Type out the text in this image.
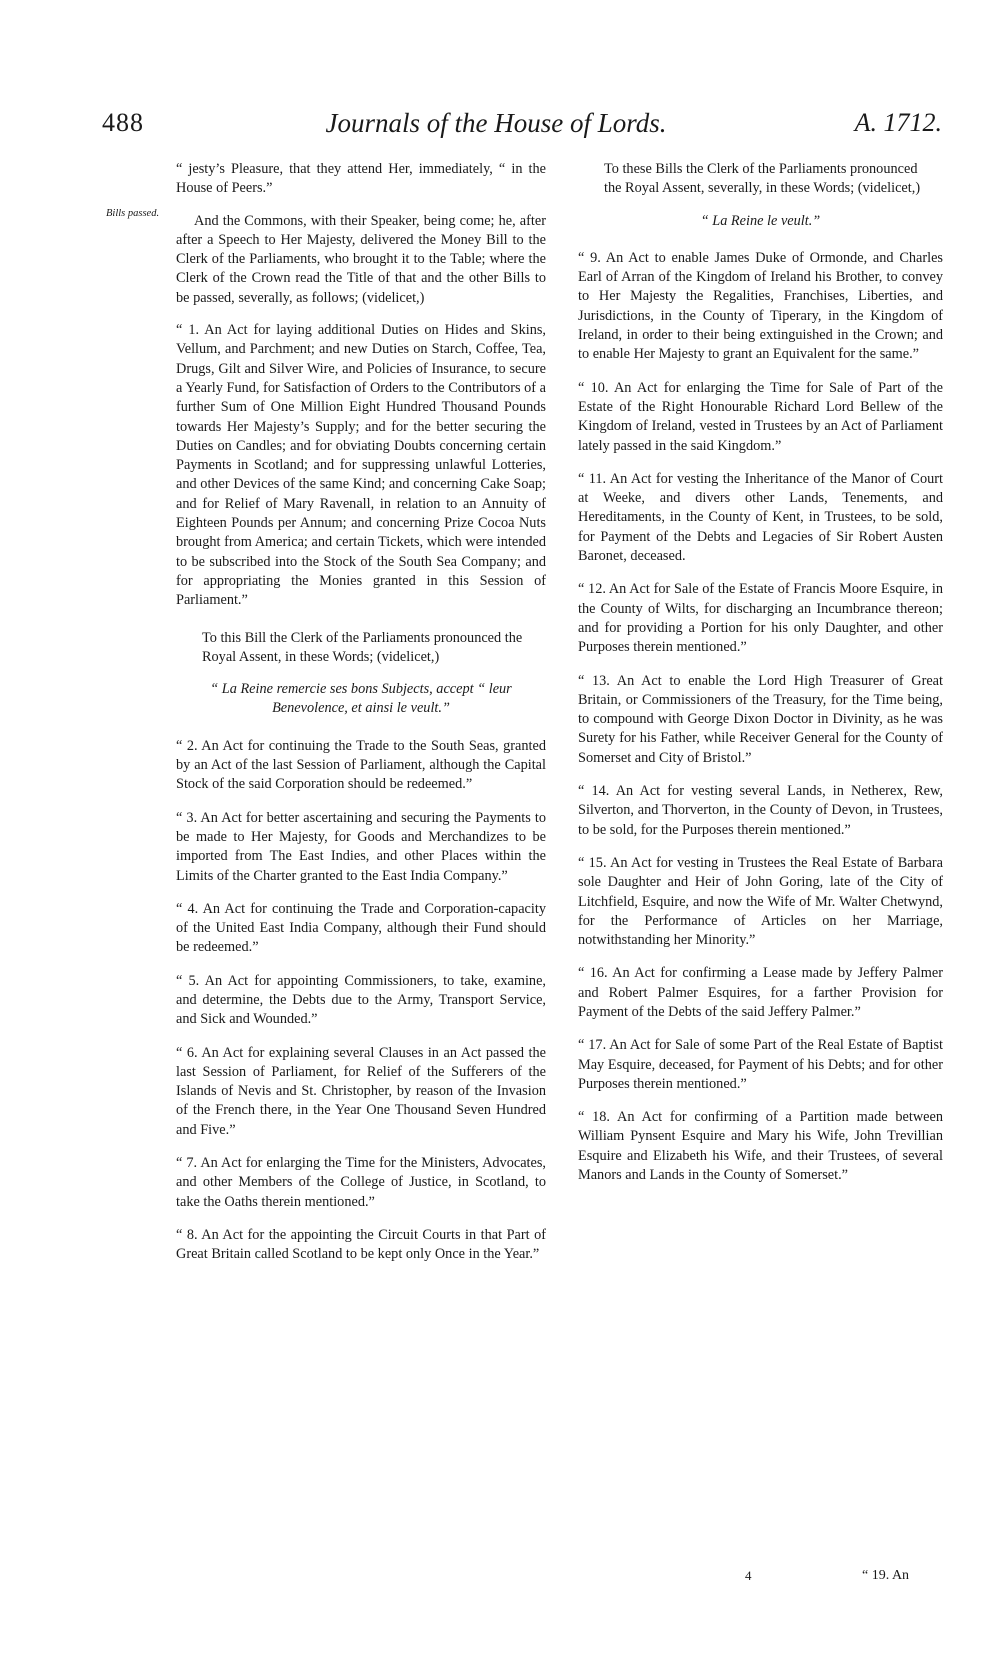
488	Journals of the House of Lords.	A. 1712.
Bills passed.

“ jesty’s Pleasure, that they attend Her, immediately, “ in the House of Peers.”

And the Commons, with their Speaker, being come; he, after after a Speech to Her Majesty, delivered the Money Bill to the Clerk of the Parliaments, who brought it to the Table; where the Clerk of the Crown read the Title of that and the other Bills to be passed, severally, as follows; (videlicet,)

“ 1. An Act for laying additional Duties on Hides and Skins, Vellum, and Parchment; and new Duties on Starch, Coffee, Tea, Drugs, Gilt and Silver Wire, and Policies of Insurance, to secure a Yearly Fund, for Satisfaction of Orders to the Contributors of a further Sum of One Million Eight Hundred Thousand Pounds towards Her Majesty’s Supply; and for the better securing the Duties on Candles; and for obviating Doubts concerning certain Payments in Scotland; and for suppressing unlawful Lotteries, and other Devices of the same Kind; and concerning Cake Soap; and for Relief of Mary Ravenall, in relation to an Annuity of Eighteen Pounds per Annum; and concerning Prize Cocoa Nuts brought from America; and certain Tickets, which were intended to be subscribed into the Stock of the South Sea Company; and for appropriating the Monies granted in this Session of Parliament.”

To this Bill the Clerk of the Parliaments pronounced the Royal Assent, in these Words; (videlicet,)

“ La Reine remercie ses bons Subjects, accept “ leur Benevolence, et ainsi le veult.”

“ 2. An Act for continuing the Trade to the South Seas, granted by an Act of the last Session of Parliament, although the Capital Stock of the said Corporation should be redeemed.”

“ 3. An Act for better ascertaining and securing the Payments to be made to Her Majesty, for Goods and Merchandizes to be imported from The East Indies, and other Places within the Limits of the Charter granted to the East India Company.”

“ 4. An Act for continuing the Trade and Corporation-capacity of the United East India Company, although their Fund should be redeemed.”

“ 5. An Act for appointing Commissioners, to take, examine, and determine, the Debts due to the Army, Transport Service, and Sick and Wounded.”

“ 6. An Act for explaining several Clauses in an Act passed the last Session of Parliament, for Relief of the Sufferers of the Islands of Nevis and St. Christopher, by reason of the Invasion of the French there, in the Year One Thousand Seven Hundred and Five.”

“ 7. An Act for enlarging the Time for the Ministers, Advocates, and other Members of the College of Justice, in Scotland, to take the Oaths therein mentioned.”

“ 8. An Act for the appointing the Circuit Courts in that Part of Great Britain called Scotland to be kept only Once in the Year.”

To these Bills the Clerk of the Parliaments pronounced the Royal Assent, severally, in these Words; (videlicet,)

“ La Reine le veult.”

“ 9. An Act to enable James Duke of Ormonde, and Charles Earl of Arran of the Kingdom of Ireland his Brother, to convey to Her Majesty the Regalities, Franchises, Liberties, and Jurisdictions, in the County of Tiperary, in the Kingdom of Ireland, in order to their being extinguished in the Crown; and to enable Her Majesty to grant an Equivalent for the same.”

“ 10. An Act for enlarging the Time for Sale of Part of the Estate of the Right Honourable Richard Lord Bellew of the Kingdom of Ireland, vested in Trustees by an Act of Parliament lately passed in the said Kingdom.”

“ 11. An Act for vesting the Inheritance of the Manor of Court at Weeke, and divers other Lands, Tenements, and Hereditaments, in the County of Kent, in Trustees, to be sold, for Payment of the Debts and Legacies of Sir Robert Austen Baronet, deceased.

“ 12. An Act for Sale of the Estate of Francis Moore Esquire, in the County of Wilts, for discharging an Incumbrance thereon; and for providing a Portion for his only Daughter, and other Purposes therein mentioned.”

“ 13. An Act to enable the Lord High Treasurer of Great Britain, or Commissioners of the Treasury, for the Time being, to compound with George Dixon Doctor in Divinity, as he was Surety for his Father, while Receiver General for the County of Somerset and City of Bristol.”

“ 14. An Act for vesting several Lands, in Netherex, Rew, Silverton, and Thorverton, in the County of Devon, in Trustees, to be sold, for the Purposes therein mentioned.”

“ 15. An Act for vesting in Trustees the Real Estate of Barbara sole Daughter and Heir of John Goring, late of the City of Litchfield, Esquire, and now the Wife of Mr. Walter Chetwynd, for the Performance of Articles on her Marriage, notwithstanding her Minority.”

“ 16. An Act for confirming a Lease made by Jeffery Palmer and Robert Palmer Esquires, for a farther Provision for Payment of the Debts of the said Jeffery Palmer.”

“ 17. An Act for Sale of some Part of the Real Estate of Baptist May Esquire, deceased, for Payment of his Debts; and for other Purposes therein mentioned.”

“ 18. An Act for confirming of a Partition made between William Pynsent Esquire and Mary his Wife, John Trevillian Esquire and Elizabeth his Wife, and their Trustees, of several Manors and Lands in the County of Somerset.”

4	“ 19. An
